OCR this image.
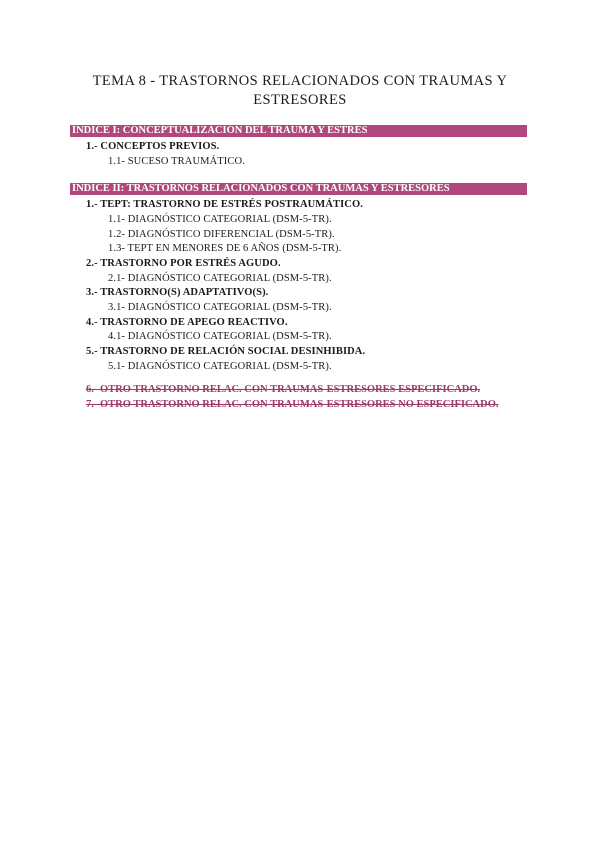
TEMA 8 - TRASTORNOS RELACIONADOS CON TRAUMAS Y
ESTRESORES
ÍNDICE I: CONCEPTUALIZACIÓN DEL TRAUMA Y ESTRÉS
1.- CONCEPTOS PREVIOS.
1.1- SUCESO TRAUMÁTICO.
ÍNDICE II: TRASTORNOS RELACIONADOS CON TRAUMAS Y ESTRESORES
1.- TEPT: TRASTORNO DE ESTRÉS POSTRAUMÁTICO.
1.1- DIAGNÓSTICO CATEGORIAL (DSM-5-TR).
1.2- DIAGNÓSTICO DIFERENCIAL (DSM-5-TR).
1.3- TEPT EN MENORES DE 6 AÑOS (DSM-5-TR).
2.- TRASTORNO POR ESTRÉS AGUDO.
2.1- DIAGNÓSTICO CATEGORIAL (DSM-5-TR).
3.- TRASTORNO(S) ADAPTATIVO(S).
3.1- DIAGNÓSTICO CATEGORIAL (DSM-5-TR).
4.- TRASTORNO DE APEGO REACTIVO.
4.1- DIAGNÓSTICO CATEGORIAL (DSM-5-TR).
5.- TRASTORNO DE RELACIÓN SOCIAL DESINHIBIDA.
5.1- DIAGNÓSTICO CATEGORIAL (DSM-5-TR).
6.- OTRO TRASTORNO RELAC. CON TRAUMAS-ESTRESORES ESPECIFICADO.
7.- OTRO TRASTORNO RELAC. CON TRAUMAS-ESTRESORES NO ESPECIFICADO.
